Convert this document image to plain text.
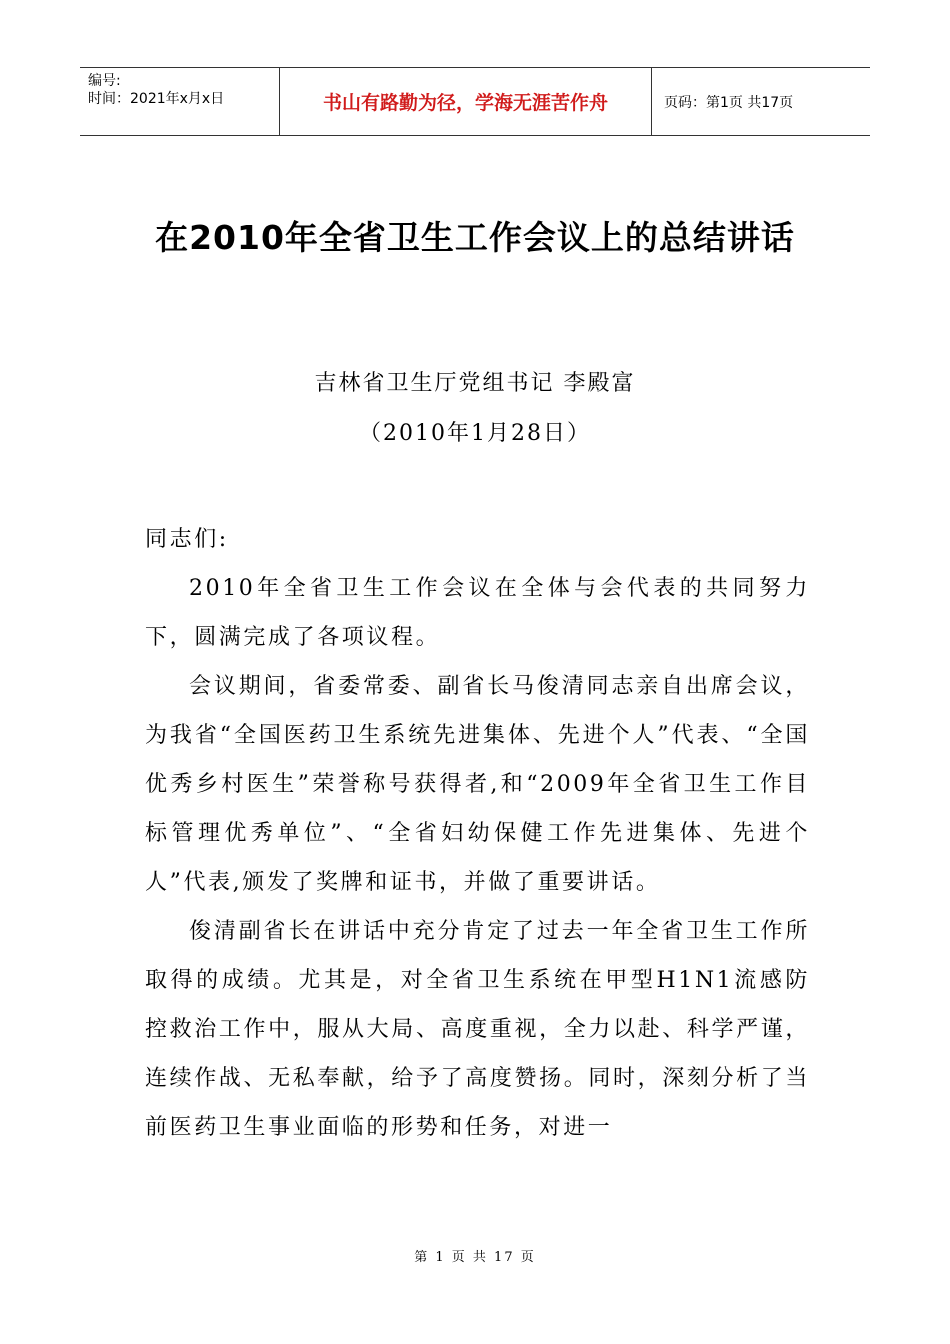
编号:
时间：2021年x月x日	书山有路勤为径，学海无涯苦作舟	页码：第1页 共17页
在2010年全省卫生工作会议上的总结讲话
吉林省卫生厅党组书记 李殿富
（2010年1月28日）

同志们:

2010年全省卫生工作会议在全体与会代表的共同努力下，圆满完成了各项议程。

会议期间，省委常委、副省长马俊清同志亲自出席会议，为我省“全国医药卫生系统先进集体、先进个人”代表、“全国优秀乡村医生”荣誉称号获得者,和“2009年全省卫生工作目标管理优秀单位”、“全省妇幼保健工作先进集体、先进个人”代表,颁发了奖牌和证书，并做了重要讲话。

俊清副省长在讲话中充分肯定了过去一年全省卫生工作所取得的成绩。尤其是，对全省卫生系统在甲型H1N1流感防控救治工作中，服从大局、高度重视，全力以赴、科学严谨，连续作战、无私奉献，给予了高度赞扬。同时，深刻分析了当前医药卫生事业面临的形势和任务，对进一

第 1 页 共 17 页
